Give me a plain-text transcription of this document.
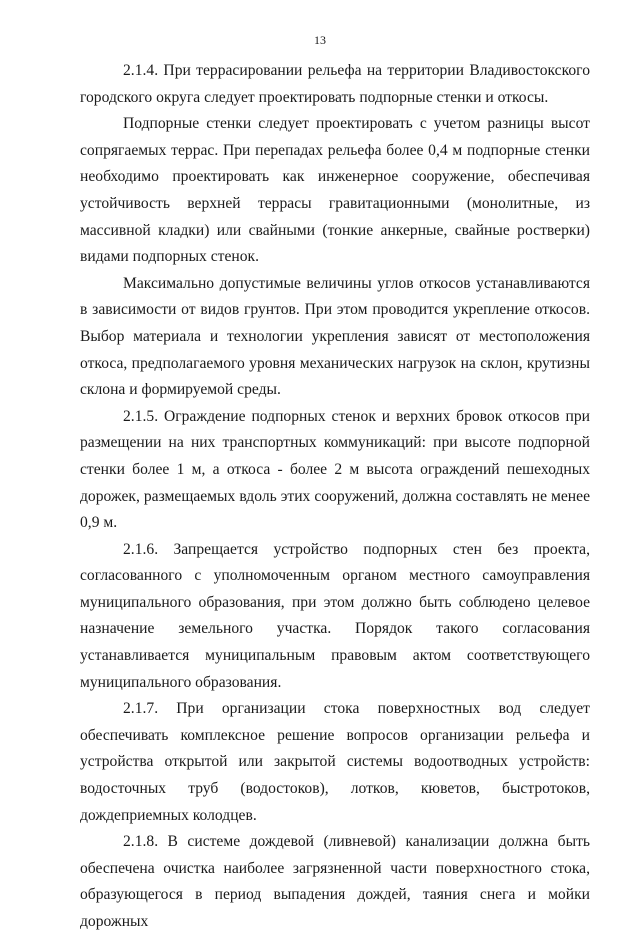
13

2.1.4. При террасировании рельефа на территории Владивостокского городского округа следует проектировать подпорные стенки и откосы.

Подпорные стенки следует проектировать с учетом разницы высот сопрягаемых террас. При перепадах рельефа более 0,4 м подпорные стенки необходимо проектировать как инженерное сооружение, обеспечивая устойчивость верхней террасы гравитационными (монолитные, из массивной кладки) или свайными (тонкие анкерные, свайные ростверки) видами подпорных стенок.

Максимально допустимые величины углов откосов устанавливаются в зависимости от видов грунтов. При этом проводится укрепление откосов. Выбор материала и технологии укрепления зависят от местоположения откоса, предполагаемого уровня механических нагрузок на склон, крутизны склона и формируемой среды.

2.1.5. Ограждение подпорных стенок и верхних бровок откосов при размещении на них транспортных коммуникаций: при высоте подпорной стенки более 1 м, а откоса - более 2 м высота ограждений пешеходных дорожек, размещаемых вдоль этих сооружений, должна составлять не менее 0,9 м.

2.1.6. Запрещается устройство подпорных стен без проекта, согласованного с уполномоченным органом местного самоуправления муниципального образования, при этом должно быть соблюдено целевое назначение земельного участка. Порядок такого согласования устанавливается муниципальным правовым актом соответствующего муниципального образования.

2.1.7. При организации стока поверхностных вод следует обеспечивать комплексное решение вопросов организации рельефа и устройства открытой или закрытой системы водоотводных устройств: водосточных труб (водостоков), лотков, кюветов, быстротоков, дождеприемных колодцев.

2.1.8. В системе дождевой (ливневой) канализации должна быть обеспечена очистка наиболее загрязненной части поверхностного стока, образующегося в период выпадения дождей, таяния снега и мойки дорожных
